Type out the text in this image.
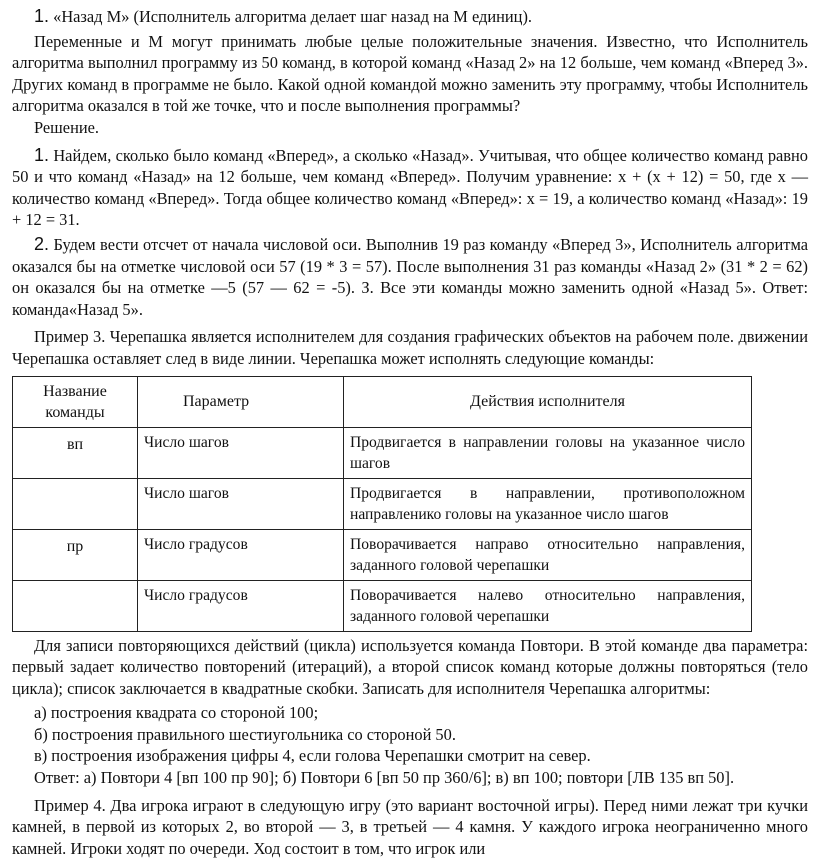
1. «Назад М» (Исполнитель алгоритма делает шаг назад на М единиц).

Переменные и М могут принимать любые целые положительные значения. Известно, что Исполнитель алгоритма выполнил программу из 50 команд, в которой команд «Назад 2» на 12 больше, чем команд «Вперед 3». Других команд в программе не было. Какой одной командой можно заменить эту программу, чтобы Исполнитель алгоритма оказался в той же точке, что и после выполнения программы?

Решение.

1. Найдем, сколько было команд «Вперед», а сколько «Назад». Учитывая, что общее количество команд равно 50 и что команд «Назад» на 12 больше, чем команд «Вперед». Получим уравнение: x + (x + 12) = 50, где x — количество команд «Вперед». Тогда общее количество команд «Вперед»: x = 19, а количество команд «Назад»: 19 + 12 = 31.

2. Будем вести отсчет от начала числовой оси. Выполнив 19 раз команду «Вперед 3», Исполнитель алгоритма оказался бы на отметке числовой оси 57 (19 * 3 = 57). После выполнения 31 раз команды «Назад 2» (31 * 2 = 62) он оказался бы на отметке —5 (57 — 62 = -5). З. Все эти команды можно заменить одной «Назад 5». Ответ: команда«Назад 5».

Пример 3. Черепашка является исполнителем для создания графических объектов на рабочем поле. движении Черепашка оставляет след в виде линии. Черепашка может исполнять следующие команды:

Название команды	Параметр	Действия исполнителя
вп	Число шагов	Продвигается в направлении головы на указанное число шагов
	Число шагов	Продвигается в направлении, противоположном направленико головы на указанное число шагов
пр	Число градусов	Поворачивается направо относительно направления, заданного головой черепашки
	Число градусов	Поворачивается налево относительно направления, заданного головой черепашки

Для записи повторяющихся действий (цикла) используется команда Повтори. В этой команде два параметра: первый задает количество повторений (итераций), а второй список команд которые должны повторяться (тело цикла); список заключается в квадратные скобки. Записать для исполнителя Черепашка алгоритмы:

а) построения квадрата со стороной 100;

б) построения правильного шестиугольника со стороной 50.

в) построения изображения цифры 4, если голова Черепашки смотрит на север.

Ответ: а) Повтори 4 [вп 100 пр 90]; б) Повтори 6 [вп 50 пр 360/6]; в) вп 100; повтори [ЛВ 135 вп 50].

Пример 4. Два игрока играют в следующую игру (это вариант восточной игры). Перед ними лежат три кучки камней, в первой из которых 2, во второй — 3, в третьей — 4 камня. У каждого игрока неограниченно много камней. Игроки ходят по очереди. Ход состоит в том, что игрок или
